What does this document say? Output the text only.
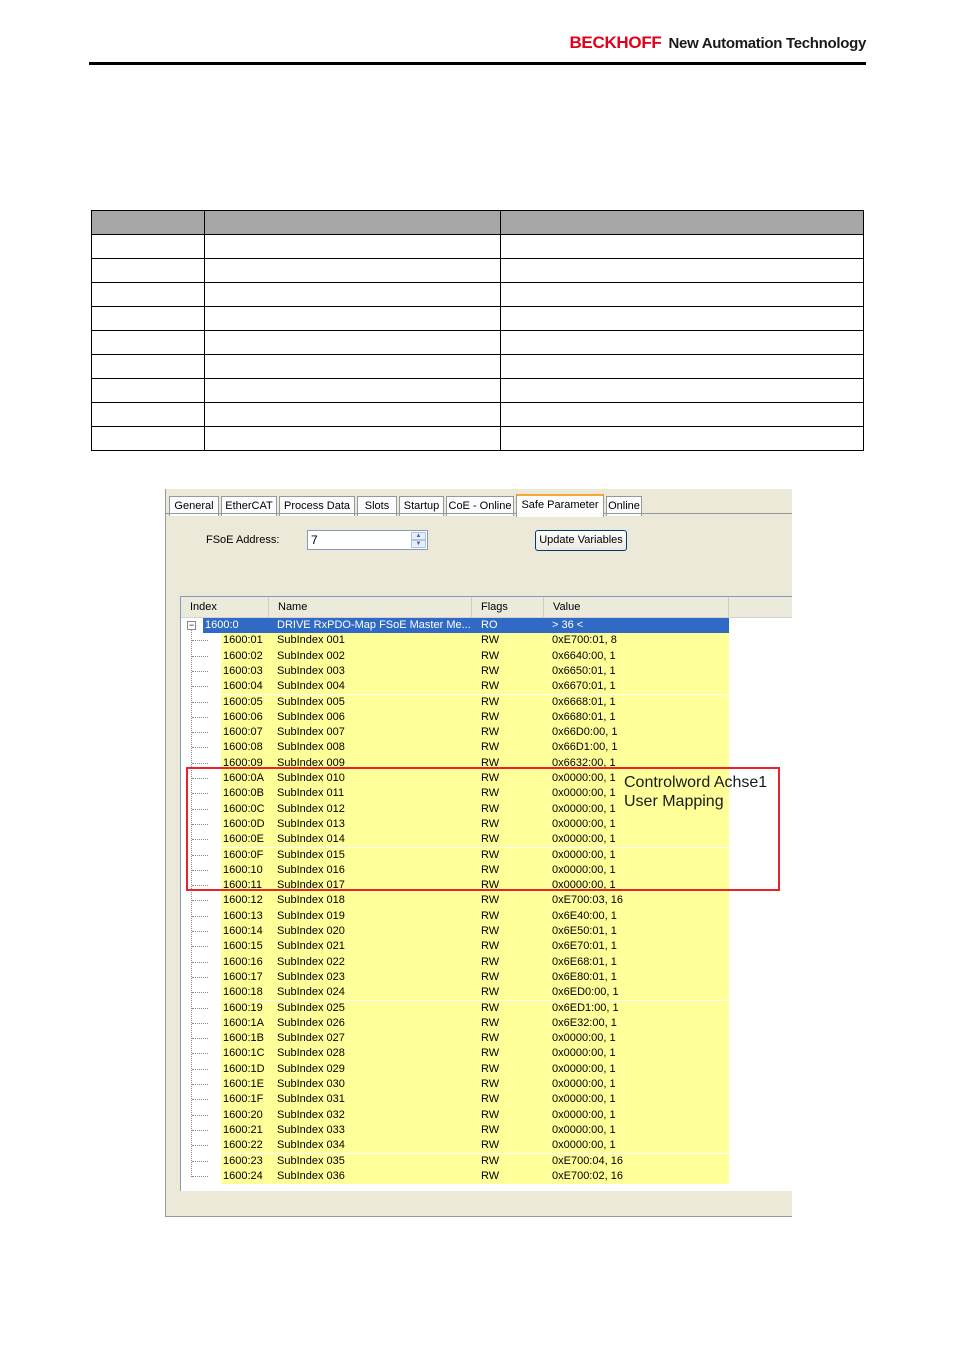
BECKHOFF New Automation Technology

General	EtherCAT	Process Data	Slots	Startup CoE - Online Safe Parameter Online
FSoE Address:	7	▲
▼	Update Variables
Index	Name	Flags	Value
1600:0	DRIVE RxPDO-Map FSoE Master Me... RO	> 36 <
−
1600:01 SubIndex 001	RW	0xE700:01, 8
1600:02 SubIndex 002	RW	0x6640:00, 1
1600:03 SubIndex 003	RW	0x6650:01, 1
1600:04 SubIndex 004	RW	0x6670:01, 1
1600:05 SubIndex 005	RW	0x6668:01, 1
1600:06 SubIndex 006	RW	0x6680:01, 1
1600:07 SubIndex 007	RW	0x66D0:00, 1
1600:08 SubIndex 008	RW	0x66D1:00, 1
1600:09 SubIndex 009	RW	0x6632:00, 1
1600:0A SubIndex 010	RW	0x0000:00, 1
1600:0B SubIndex 011	RW	0x0000:00, 1
1600:0C SubIndex 012	RW	0x0000:00, 1
1600:0D SubIndex 013	RW	0x0000:00, 1
1600:0E SubIndex 014	RW	0x0000:00, 1
1600:0F SubIndex 015	RW	0x0000:00, 1
1600:10 SubIndex 016	RW	0x0000:00, 1
1600:11 SubIndex 017	RW	0x0000:00, 1
1600:12 SubIndex 018	RW	0xE700:03, 16
1600:13 SubIndex 019	RW	0x6E40:00, 1
1600:14 SubIndex 020	RW	0x6E50:01, 1
1600:15 SubIndex 021	RW	0x6E70:01, 1
1600:16 SubIndex 022	RW	0x6E68:01, 1
1600:17 SubIndex 023	RW	0x6E80:01, 1
1600:18 SubIndex 024	RW	0x6ED0:00, 1
1600:19 SubIndex 025	RW	0x6ED1:00, 1
1600:1A SubIndex 026	RW	0x6E32:00, 1
1600:1B SubIndex 027	RW	0x0000:00, 1
1600:1C SubIndex 028	RW	0x0000:00, 1
1600:1D SubIndex 029	RW	0x0000:00, 1
1600:1E SubIndex 030	RW	0x0000:00, 1
1600:1F SubIndex 031	RW	0x0000:00, 1
1600:20 SubIndex 032	RW	0x0000:00, 1
1600:21 SubIndex 033	RW	0x0000:00, 1
1600:22 SubIndex 034	RW	0x0000:00, 1
1600:23 SubIndex 035	RW	0xE700:04, 16
1600:24 SubIndex 036	RW	0xE700:02, 16
Controlword Achse1
User Mapping
